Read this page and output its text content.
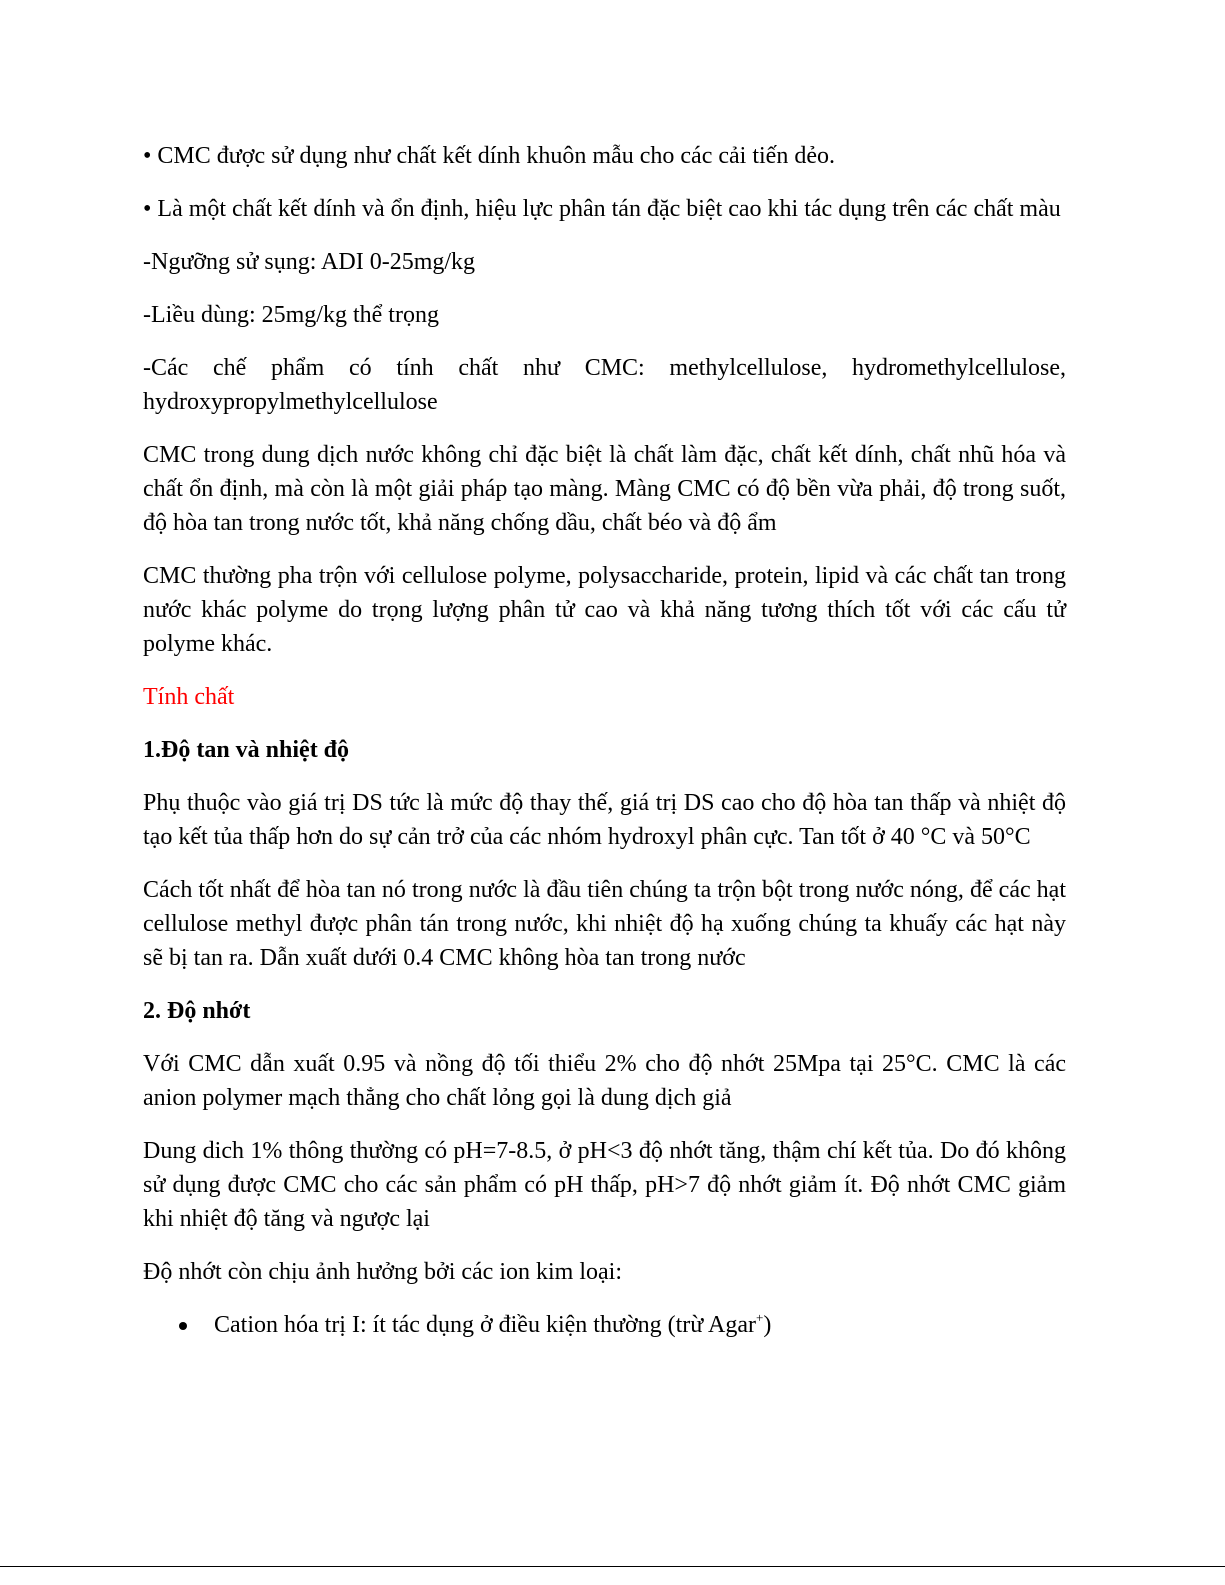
• CMC được sử dụng như chất kết dính khuôn mẫu cho các cải tiến dẻo.

• Là một chất kết dính và ổn định, hiệu lực phân tán đặc biệt cao khi tác dụng trên các chất màu

-Ngưỡng sử sụng: ADI 0-25mg/kg

-Liều dùng: 25mg/kg thể trọng

-Các chế phẩm có tính chất như CMC: methylcellulose, hydromethylcellulose, hydroxypropylmethylcellulose

CMC trong dung dịch nước không chỉ đặc biệt là chất làm đặc, chất kết dính, chất nhũ hóa và chất ổn định, mà còn là một giải pháp tạo màng. Màng CMC có độ bền vừa phải, độ trong suốt, độ hòa tan trong nước tốt, khả năng chống dầu, chất béo và độ ẩm

CMC thường pha trộn với cellulose polyme, polysaccharide, protein, lipid và các chất tan trong nước khác polyme do trọng lượng phân tử cao và khả năng tương thích tốt với các cấu tử polyme khác.

Tính chất

1.Độ tan và nhiệt độ

Phụ thuộc vào giá trị DS tức là mức độ thay thế, giá trị DS cao cho độ hòa tan thấp và nhiệt độ tạo kết tủa thấp hơn do sự cản trở của các nhóm hydroxyl phân cực. Tan tốt ở 40 °C và 50°C

Cách tốt nhất để hòa tan nó trong nước là đầu tiên chúng ta trộn bột trong nước nóng, để các hạt cellulose methyl được phân tán trong nước, khi nhiệt độ hạ xuống chúng ta khuấy các hạt này sẽ bị tan ra. Dẫn xuất dưới 0.4 CMC không hòa tan trong nước

2. Độ nhớt

Với CMC dẫn xuất 0.95 và nồng độ tối thiểu 2% cho độ nhớt 25Mpa tại 25°C. CMC là các anion polymer mạch thẳng cho chất lỏng gọi là dung dịch giả

Dung dich 1% thông thường có pH=7-8.5, ở pH<3 độ nhớt tăng, thậm chí kết tủa. Do đó không sử dụng được CMC cho các sản phẩm có pH thấp, pH>7 độ nhớt giảm ít. Độ nhớt CMC giảm khi nhiệt độ tăng và ngược lại

Độ nhớt còn chịu ảnh hưởng bởi các ion kim loại:

Cation hóa trị I: ít tác dụng ở điều kiện thường (trừ Agar+)
